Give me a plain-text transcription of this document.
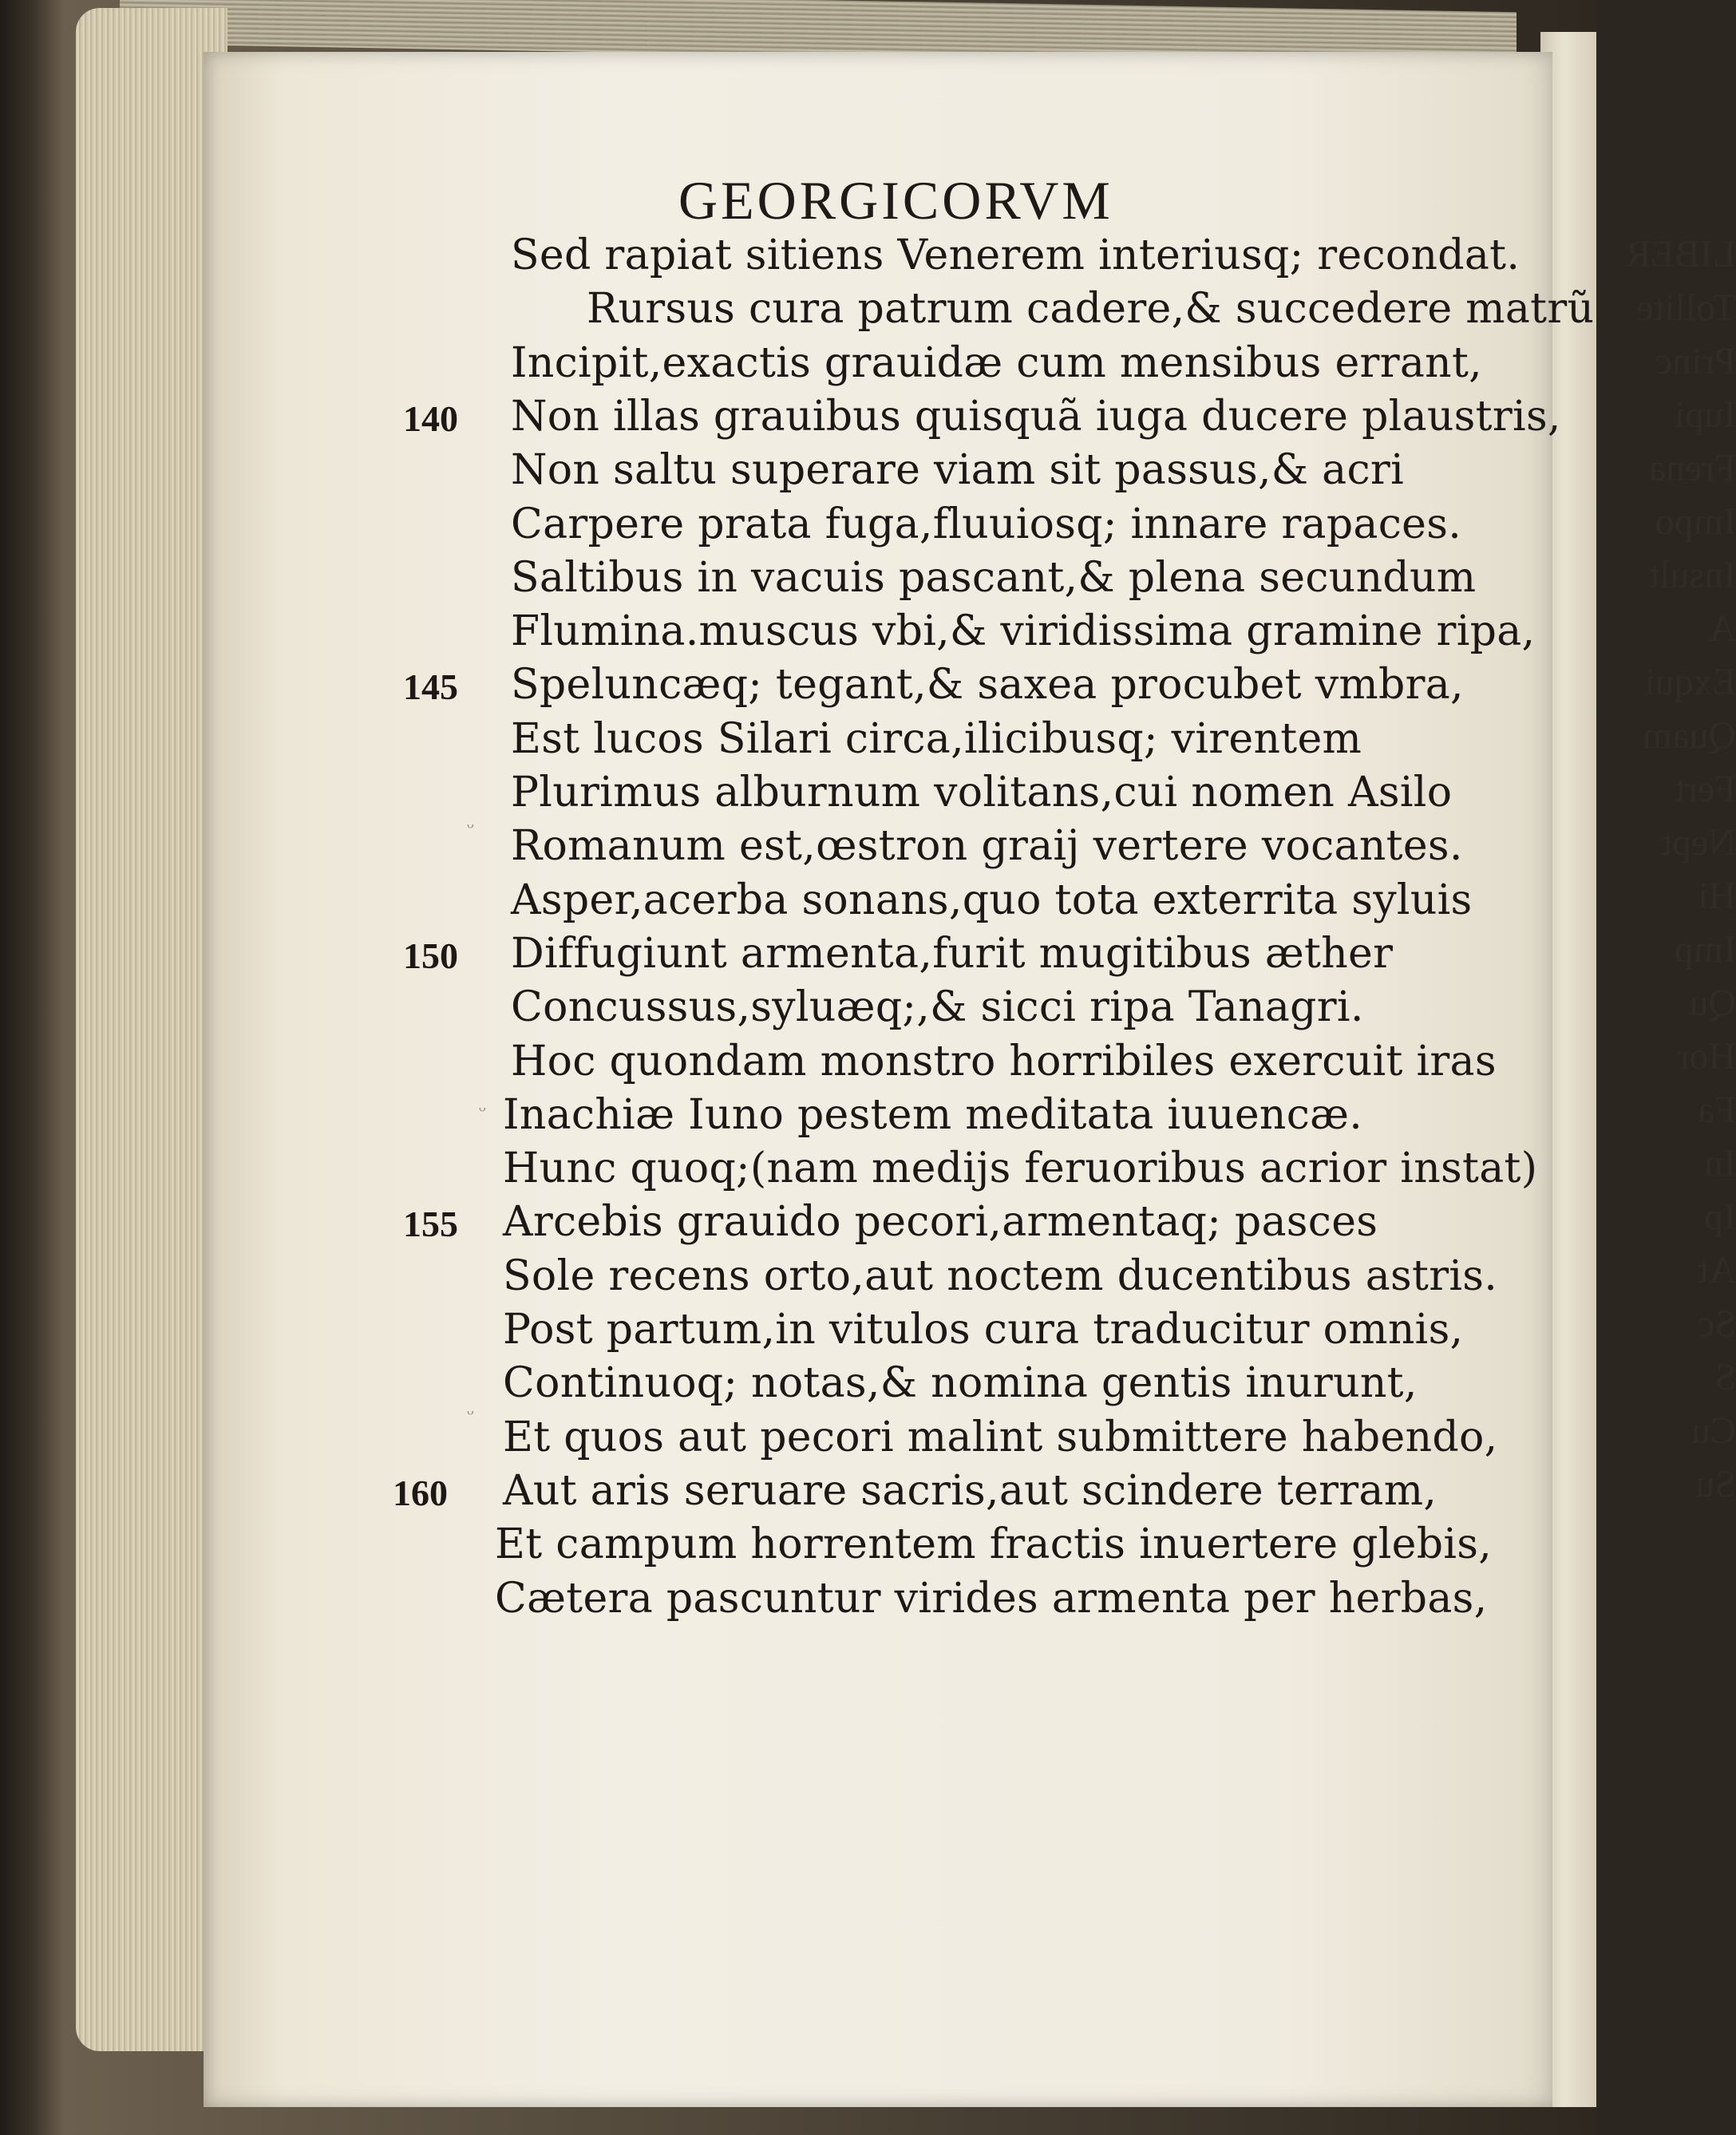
LIBER
Tollite
Princ
Iupi
Frena
Impo
Insult
A
Exqui
Quam
Fert
Nept
Hi
Imp
Qu
Hor
Fa
In
Ip
At
Sc
S
Cu
Su
GEORGICORVM
Sed rapiat sitiens Venerem interiusq; recondat.
Rursus cura patrum cadere,& succedere matrũ
Incipit,exactis grauidæ cum mensibus errant,
Non illas grauibus quisquã iuga ducere plaustris,
140
Non saltu superare viam sit passus,& acri
Carpere prata fuga,fluuiosq; innare rapaces.
Saltibus in vacuis pascant,& plena secundum
Flumina.muscus vbi,& viridissima gramine ripa,
Speluncæq; tegant,& saxea procubet vmbra,
145
Est lucos Silari circa,ilicibusq; virentem
Plurimus alburnum volitans,cui nomen Asilo
Romanum est,œstron graij vertere vocantes.
Asper,acerba sonans,quo tota exterrita syluis
Diffugiunt armenta,furit mugitibus æther
150
Concussus,syluæq;,& sicci ripa Tanagri.
Hoc quondam monstro horribiles exercuit iras
Inachiæ Iuno pestem meditata iuuencæ.
Hunc quoq;(nam medijs feruoribus acrior instat)
Arcebis grauido pecori,armentaq; pasces
155
Sole recens orto,aut noctem ducentibus astris.
Post partum,in vitulos cura traducitur omnis,
Continuoq; notas,& nomina gentis inurunt,
Et quos aut pecori malint submittere habendo,
Aut aris seruare sacris,aut scindere terram,
160
Et campum horrentem fractis inuertere glebis,
Cætera pascuntur virides armenta per herbas,
ᵕ
ᵕ
ᵕ
